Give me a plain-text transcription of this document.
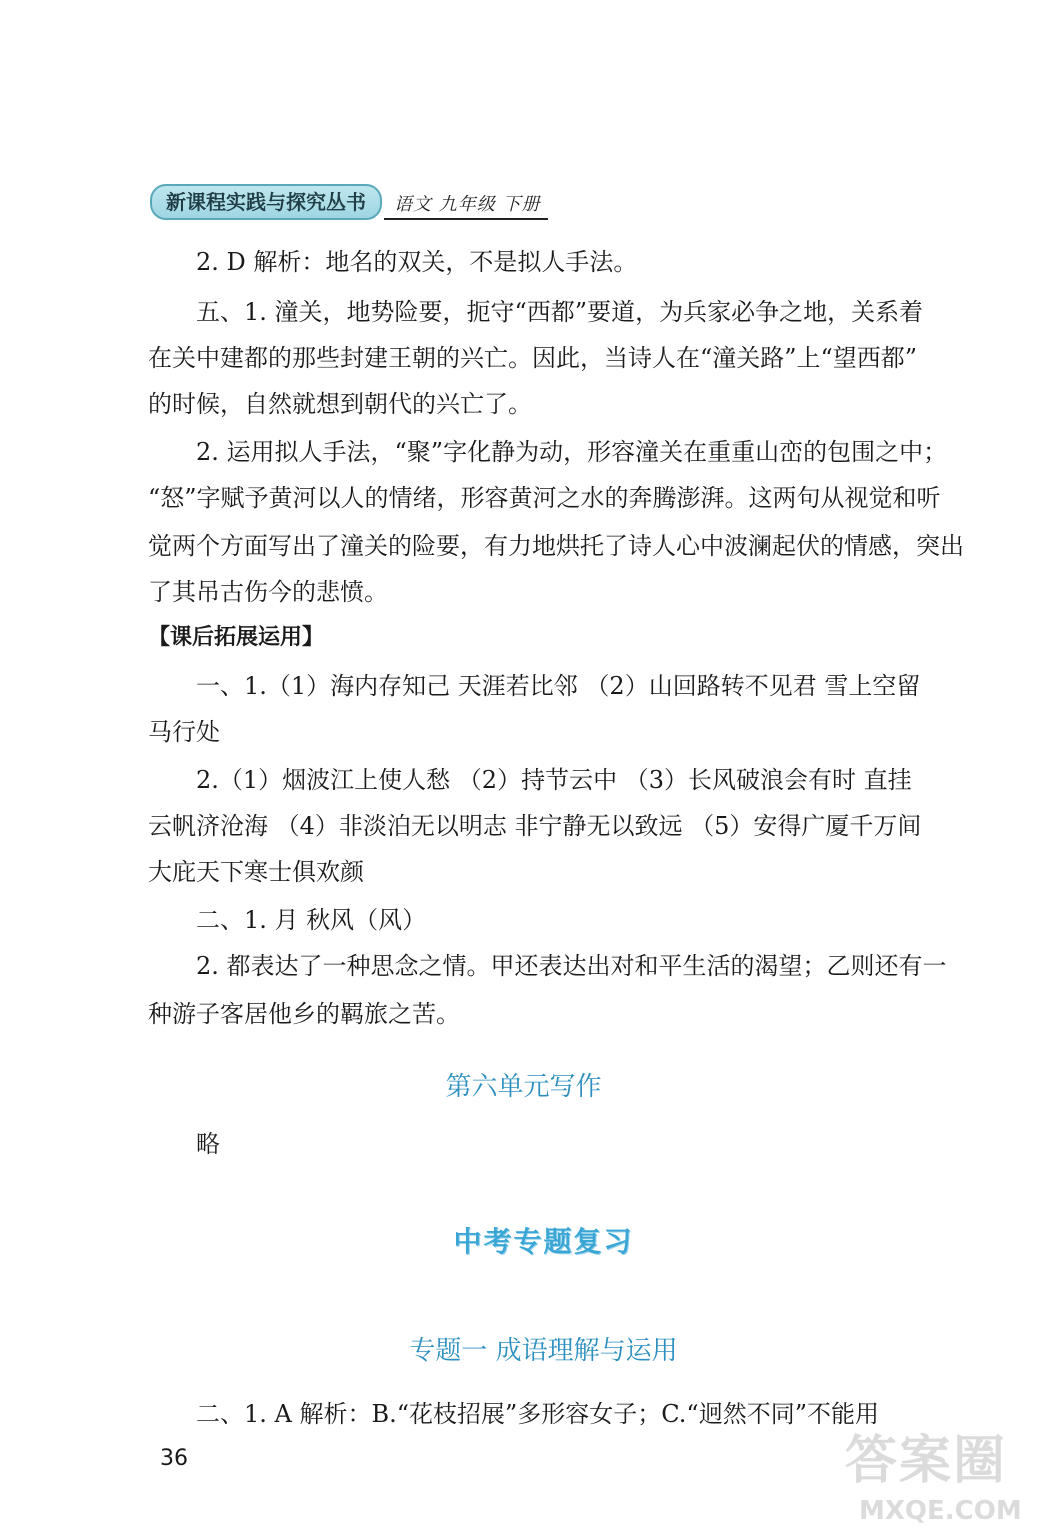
新课程实践与探究丛书	语文 九年级 下册
2. D 解析：地名的双关，不是拟人手法。
五、1. 潼关，地势险要，扼守“西都”要道，为兵家必争之地，关系着
在关中建都的那些封建王朝的兴亡。因此，当诗人在“潼关路”上“望西都”
的时候，自然就想到朝代的兴亡了。
2. 运用拟人手法，“聚”字化静为动，形容潼关在重重山峦的包围之中；
“怒”字赋予黄河以人的情绪，形容黄河之水的奔腾澎湃。这两句从视觉和听
觉两个方面写出了潼关的险要，有力地烘托了诗人心中波澜起伏的情感，突出
了其吊古伤今的悲愤。
【课后拓展运用】
一、1.（1）海内存知己 天涯若比邻 （2）山回路转不见君 雪上空留
马行处
2.（1）烟波江上使人愁 （2）持节云中 （3）长风破浪会有时 直挂
云帆济沧海 （4）非淡泊无以明志 非宁静无以致远 （5）安得广厦千万间
大庇天下寒士俱欢颜
二、1. 月 秋风（风）
2. 都表达了一种思念之情。甲还表达出对和平生活的渴望；乙则还有一
种游子客居他乡的羁旅之苦。
第六单元写作
略
中考专题复习
专题一 成语理解与运用
二、1. A 解析：B.“花枝招展”多形容女子；C.“迥然不同”不能用
36	答案圈
MXQE.COM
